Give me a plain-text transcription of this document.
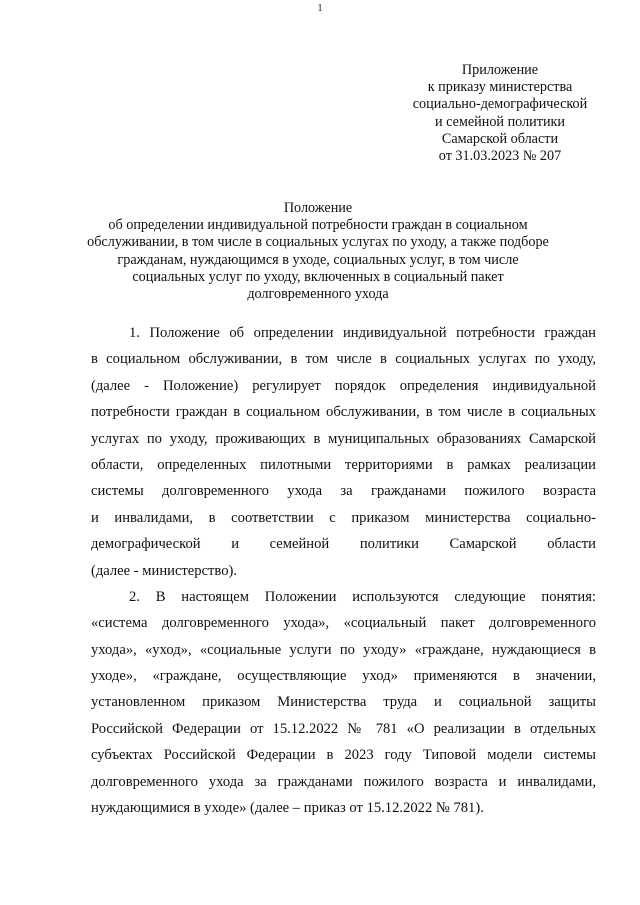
1
Приложение
к приказу министерства
социально-демографической
и семейной политики
Самарской области
от 31.03.2023 № 207
Положение
об определении индивидуальной потребности граждан в социальном
обслуживании, в том числе в социальных услугах по уходу, а также подборе
гражданам, нуждающимся в уходе, социальных услуг, в том числе
социальных услуг по уходу, включенных в социальный пакет
долговременного ухода
1. Положение об определении индивидуальной потребности граждан
в социальном обслуживании, в том числе в социальных услугах по уходу,
(далее - Положение) регулирует порядок определения индивидуальной
потребности граждан в социальном обслуживании, в том числе в социальных
услугах по уходу, проживающих в муниципальных образованиях Самарской
области, определенных пилотными территориями в рамках реализации
системы долговременного ухода за гражданами пожилого возраста
и инвалидами, в соответствии с приказом министерства социально-
демографической и семейной политики Самарской области
(далее - министерство).
2. В настоящем Положении используются следующие понятия:
«система долговременного ухода», «социальный пакет долговременного
ухода», «уход», «социальные услуги по уходу» «граждане, нуждающиеся в
уходе», «граждане, осуществляющие уход» применяются в значении,
установленном приказом Министерства труда и социальной защиты
Российской Федерации от 15.12.2022 № 781 «О реализации в отдельных
субъектах Российской Федерации в 2023 году Типовой модели системы
долговременного ухода за гражданами пожилого возраста и инвалидами,
нуждающимися в уходе» (далее – приказ от 15.12.2022 № 781).
